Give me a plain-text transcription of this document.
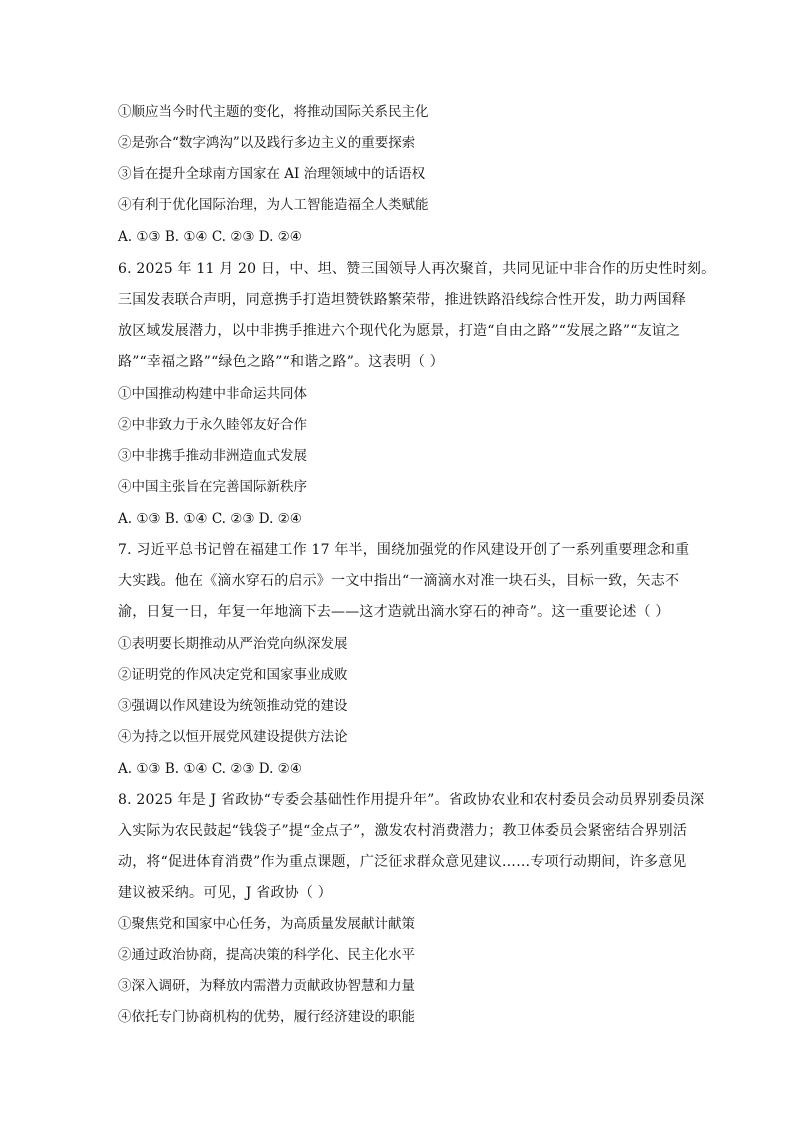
①顺应当今时代主题的变化，将推动国际关系民主化
②是弥合“数字鸿沟”以及践行多边主义的重要探索
③旨在提升全球南方国家在 AI 治理领域中的话语权
④有利于优化国际治理，为人工智能造福全人类赋能
A. ①③ B. ①④ C. ②③ D. ②④
6. 2025 年 11 月 20 日，中、坦、赞三国领导人再次聚首，共同见证中非合作的历史性时刻。
三国发表联合声明，同意携手打造坦赞铁路繁荣带，推进铁路沿线综合性开发，助力两国释
放区域发展潜力，以中非携手推进六个现代化为愿景，打造“自由之路”“发展之路”“友谊之
路”“幸福之路”“绿色之路”“和谐之路”。这表明（ ）
①中国推动构建中非命运共同体
②中非致力于永久睦邻友好合作
③中非携手推动非洲造血式发展
④中国主张旨在完善国际新秩序
A. ①③ B. ①④ C. ②③ D. ②④
7. 习近平总书记曾在福建工作 17 年半，围绕加强党的作风建设开创了一系列重要理念和重
大实践。他在《滴水穿石的启示》一文中指出“一滴滴水对准一块石头，目标一致，矢志不
渝，日复一日，年复一年地滴下去——这才造就出滴水穿石的神奇”。这一重要论述（ ）
①表明要长期推动从严治党向纵深发展
②证明党的作风决定党和国家事业成败
③强调以作风建设为统领推动党的建设
④为持之以恒开展党风建设提供方法论
A. ①③ B. ①④ C. ②③ D. ②④
8. 2025 年是 J 省政协“专委会基础性作用提升年”。省政协农业和农村委员会动员界别委员深
入实际为农民鼓起“钱袋子”提“金点子”，激发农村消费潜力；教卫体委员会紧密结合界别活
动，将“促进体育消费”作为重点课题，广泛征求群众意见建议……专项行动期间，许多意见
建议被采纳。可见，J 省政协（ ）
①聚焦党和国家中心任务，为高质量发展献计献策
②通过政治协商，提高决策的科学化、民主化水平
③深入调研，为释放内需潜力贡献政协智慧和力量
④依托专门协商机构的优势，履行经济建设的职能
